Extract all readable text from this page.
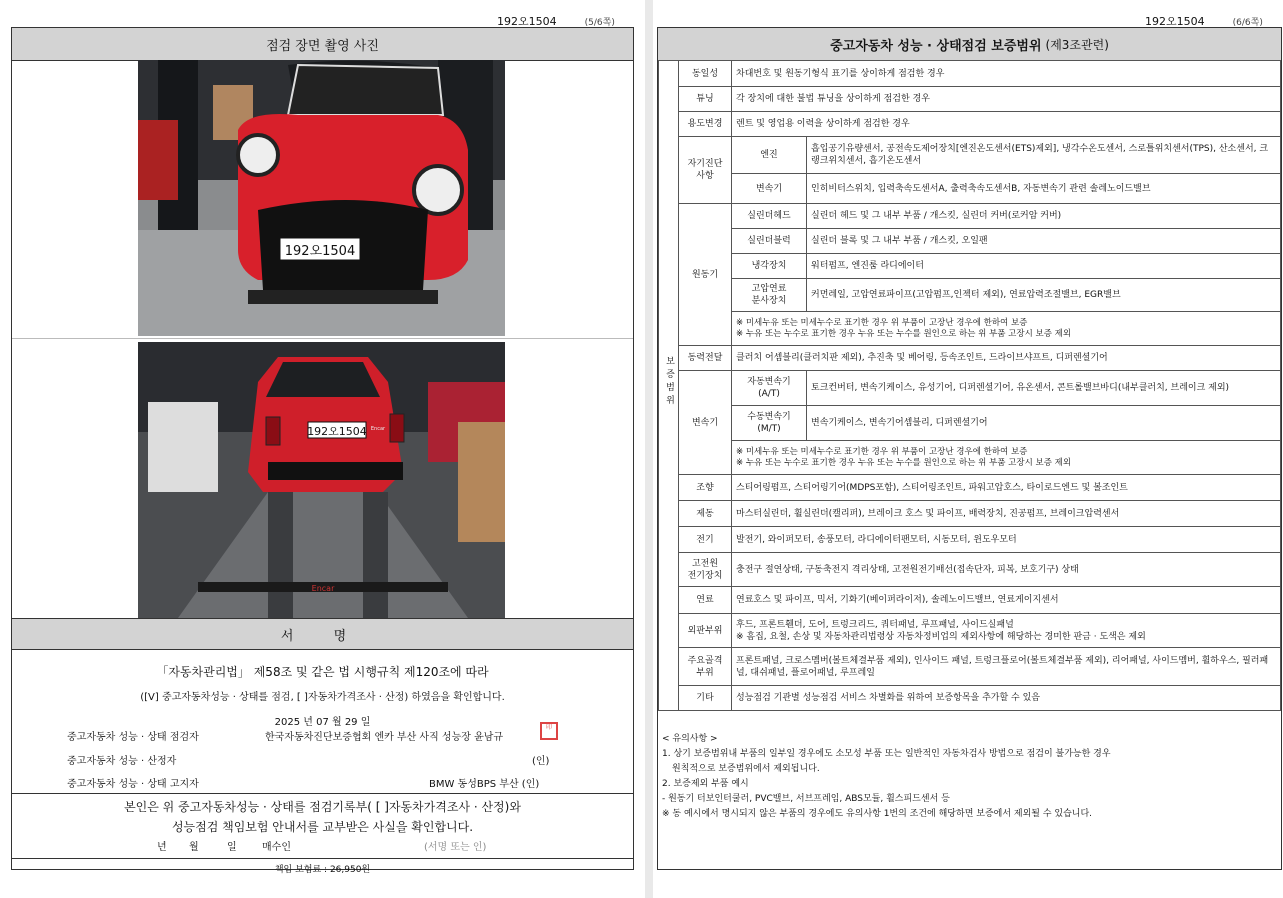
192오1504	(5/6쪽)
점검 장면 촬영 사진
192오1504
Encar
192오1504 Encar
서 명
「자동차관리법」 제58조 및 같은 법 시행규칙 제120조에 따라
([V] 중고자동차성능 · 상태를 점검, [ ]자동차가격조사 · 산정) 하였음을 확인합니다.
2025 년 07 월 29 일
중고자동차 성능 · 상태 점검자	한국자동차진단보증협회 엔카 부산 사직 성능장 윤남규
印
중고자동차 성능 · 산정자	(인)
중고자동차 성능 · 상태 고지자	BMW 동성BPS 부산 (인)
본인은 위 중고자동차성능 · 상태를 점검기록부( [ ]자동차가격조사 · 산정)와
성능점검 책임보험 안내서를 교부받은 사실을 확인합니다.
년 월	일	매수인	(서명 또는 인)
책임 보험료 : 26,950원
192오1504	(6/6쪽)
중고자동차 성능 · 상태점검 보증범위 (제3조관련)
보증범위	동일성	차대번호 및 원동기형식 표기를 상이하게 점검한 경우	
	튜닝	각 장치에 대한 불법 튜닝을 상이하게 점검한 경우	
	용도변경	렌트 및 영업용 이력을 상이하게 점검한 경우	
	자기진단
사항	엔진	흡입공기유량센서, 공전속도제어장치[엔진온도센서(ETS)제외], 냉각수온도센서, 스로틀위치센서(TPS), 산소센서, 크랭크위치센서, 흡기온도센서
		변속기	인히비터스위치, 입력축속도센서A, 출력축속도센서B, 자동변속기 관련 솔레노이드밸브
	원동기	실린더헤드	실린더 헤드 및 그 내부 부품 / 개스킷, 실린더 커버(로커암 커버)
		실린더블럭	실린더 블록 및 그 내부 부품 / 개스킷, 오일팬
		냉각장치	워터펌프, 엔진룸 라디에이터
		고압연료
분사장치	커먼레일, 고압연료파이프(고압펌프,인젝터 제외), 연료압력조절밸브, EGR밸브

		※ 미세누유 또는 미세누수로 표기한 경우 위 부품이 고장난 경우에 한하여 보증
※ 누유 또는 누수로 표기한 경우 누유 또는 누수를 원인으로 하는 위 부품 고장시 보증 제외	

	동력전달	클러치 어셈블리(클러치판 제외), 추진축 및 베어링, 등속조인트, 드라이브샤프트, 디퍼렌셜기어	
	변속기	자동변속기
(A/T)	토크컨버터, 변속기케이스, 유성기어, 디퍼렌셜기어, 유온센서, 콘트롤밸브바디(내부클러치, 브레이크 제외)
		수동변속기
(M/T)	변속기케이스, 변속기어셈블리, 디퍼렌셜기어

		※ 미세누유 또는 미세누수로 표기한 경우 위 부품이 고장난 경우에 한하여 보증
※ 누유 또는 누수로 표기한 경우 누유 또는 누수를 원인으로 하는 위 부품 고장시 보증 제외	

	조향	스티어링펌프, 스티어링기어(MDPS포함), 스티어링조인트, 파워고압호스, 타이로드엔드 및 볼조인트	
	제동	마스터실린더, 휠실린더(캘리퍼), 브레이크 호스 및 파이프, 배력장치, 진공펌프, 브레이크압력센서	
	전기	발전기, 와이퍼모터, 송풍모터, 라디에이터팬모터, 시동모터, 윈도우모터	
	고전원
전기장치	충전구 절연상태, 구동축전지 격리상태, 고전원전기배선(접속단자, 피복, 보호기구) 상태	
	연료	연료호스 및 파이프, 믹서, 기화기(베이퍼라이저), 솔레노이드밸브, 연료게이지센서	
	외판부위	후드, 프론트휀더, 도어, 트렁크리드, 쿼터패널, 루프패널, 사이드실패널
※ 흠집, 요철, 손상 및 자동차관리법령상 자동차정비업의 제외사항에 해당하는 경미한 판금 · 도색은 제외	

	주요골격
부위	프론트패널, 크로스멤버(볼트체결부품 제외), 인사이드 패널, 트렁크플로어(볼트체결부품 제외), 리어패널, 사이드멤버, 휠하우스, 필러패널, 대쉬패널, 플로어패널, 루프레일	
	기타	성능점검 기관별 성능점검 서비스 차별화를 위하여 보증항목을 추가할 수 있음	
< 유의사항 >
1. 상기 보증범위내 부품의 일부일 경우에도 소모성 부품 또는 일반적인 자동차검사 방법으로 점검이 불가능한 경우
원칙적으로 보증범위에서 제외됩니다.
2. 보증제외 부품 예시
- 원동기 터보인터쿨러, PVC밸브, 서브프레임, ABS모듈, 휠스피드센서 등
※ 동 예시에서 명시되지 않은 부품의 경우에도 유의사항 1번의 조건에 해당하면 보증에서 제외될 수 있습니다.
